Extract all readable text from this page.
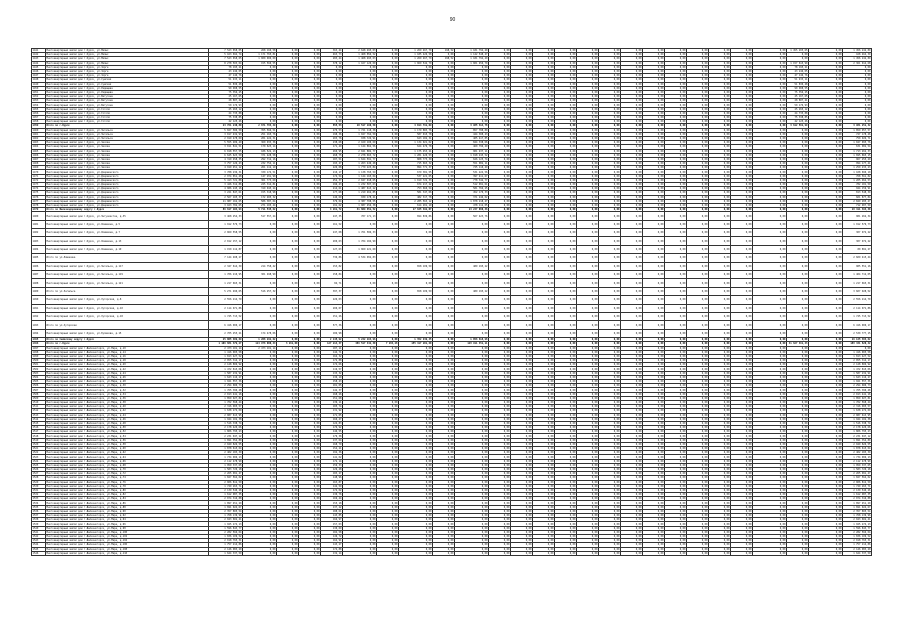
90
1441	Многоквартирный жилой дом г.Курск, ул.Малых	7 523 658,05	268 160,58	0,00	0,00	363,44	2 648 495,03	0,00	1 269 467,70	198,52	1 181 794,40	0,00	0,00	0,00	0,00	0,00	0,00	0,00	0,00	0,00	0,00	0,00	0,00	0,00	1 455 205,65	0,00	1 456 242,89
1442	Многоквартирный жилой дом г.Курск, ул.Малых	5 163 694,74	1 171 765,81	0,00	0,00	463,73	1 468 856,52	0,00	1 185 426,58	0,00	1 142 548,47	0,00	0,00	0,00	0,00	0,00	0,00	0,00	0,00	0,00	0,00	0,00	0,00	0,00	0,00	0,00	168 464,39
1443	Многоквартирный жилой дом г.Курск, ул.Малых	7 523 658,05	1 000 000,00	0,00	0,00	283,44	1 468 495,03	0,00	1 269 467,70	198,52	1 181 794,40	0,00	0,00	0,00	0,00	0,00	0,00	0,00	0,00	0,00	0,00	0,00	0,00	0,00	0,00	0,00	1 456 242,89
1444	Многоквартирный жилой дом г.Курск, ул.Малых	8 278 503,04	155 560,55	0,00	0,00	378,12	1 167 120,00	0,00	1 069 542,70	0,00	1 001 450,70	0,00	0,00	0,00	0,00	0,00	0,00	0,00	0,00	0,00	0,00	0,00	0,00	0,00	1 157 615,90	0,00	2 361 014,68
1445	Многоквартирный жилой дом г.Курск, ул.Зорге	78 195,21	0,00	0,00	0,00	0,00	0,00	0,00	0,00	0,00	0,00	0,00	0,00	0,00	0,00	0,00	0,00	0,00	0,00	0,00	0,00	0,00	0,00	0,00	78 195,21	0,00	0,00
1446	Многоквартирный жилой дом г.Курск, ул.Зорге	43 246,05	0,00	0,00	0,00	0,00	0,00	0,00	0,00	0,00	0,00	0,00	0,00	0,00	0,00	0,00	0,00	0,00	0,00	0,00	0,00	0,00	0,00	0,00	43 246,05	0,00	0,00
1447	Многоквартирный жилой дом г.Курск, ул.Зорге	47 146,76	0,00	0,00	0,00	0,00	0,00	0,00	0,00	0,00	0,00	0,00	0,00	0,00	0,00	0,00	0,00	0,00	0,00	0,00	0,00	0,00	0,00	0,00	47 146,76	0,00	0,00
1448	Многоквартирный жилой дом г.Курск, ул.Сумская	51 433,11	0,00	0,00	0,00	0,00	0,00	0,00	0,00	0,00	0,00	0,00	0,00	0,00	0,00	0,00	0,00	0,00	0,00	0,00	0,00	0,00	0,00	0,00	51 433,11	0,00	0,00
1449	Многоквартирный жилой дом г.Курск, ул.Сумская	51 830,48	0,00	0,00	0,00	0,00	0,00	0,00	0,00	0,00	0,00	0,00	0,00	0,00	0,00	0,00	0,00	0,00	0,00	0,00	0,00	0,00	0,00	0,00	51 830,48	0,00	0,00
1450	Многоквартирный жилой дом г.Курск, ул.Радищева	90 908,55	0,00	0,00	0,00	0,00	0,00	0,00	0,00	0,00	0,00	0,00	0,00	0,00	0,00	0,00	0,00	0,00	0,00	0,00	0,00	0,00	0,00	0,00	90 908,55	0,00	0,00
1451	Многоквартирный жилой дом г.Курск, ул.Радищева	75 356,25	0,00	0,00	0,00	0,00	0,00	0,00	0,00	0,00	0,00	0,00	0,00	0,00	0,00	0,00	0,00	0,00	0,00	0,00	0,00	0,00	0,00	0,00	75 356,25	0,00	0,00
1452	Многоквартирный жилой дом г.Курск, ул.Ватутина	25 167,65	0,00	0,00	0,00	0,00	0,00	0,00	0,00	0,00	0,00	0,00	0,00	0,00	0,00	0,00	0,00	0,00	0,00	0,00	0,00	0,00	0,00	0,00	25 167,65	0,00	0,00
1453	Многоквартирный жилой дом г.Курск, ул.Ватутина	28 807,41	0,00	0,00	0,00	0,00	0,00	0,00	0,00	0,00	0,00	0,00	0,00	0,00	0,00	0,00	0,00	0,00	0,00	0,00	0,00	0,00	0,00	0,00	28 807,41	0,00	0,00
1454	Многоквартирный жилой дом г.Курск, ул.Ватутина	50 176,93	0,00	0,00	0,00	0,00	0,00	0,00	0,00	0,00	0,00	0,00	0,00	0,00	0,00	0,00	0,00	0,00	0,00	0,00	0,00	0,00	0,00	0,00	50 176,93	0,00	0,00
1455	Многоквартирный жилой дом г.Курск, ул.Гоголя	25 265,12	0,00	0,00	0,00	0,00	0,00	0,00	0,00	0,00	0,00	0,00	0,00	0,00	0,00	0,00	0,00	0,00	0,00	0,00	0,00	0,00	0,00	0,00	25 265,12	0,00	0,00
1456	Многоквартирный жилой дом г.Курск, ул.Гоголя	24 735,88	0,00	0,00	0,00	0,00	0,00	0,00	0,00	0,00	0,00	0,00	0,00	0,00	0,00	0,00	0,00	0,00	0,00	0,00	0,00	0,00	0,00	0,00	24 735,88	0,00	0,00
1457	Многоквартирный жилой дом г.Курск, ул.Гоголя	75 338,85	0,00	0,00	0,00	0,00	0,00	0,00	0,00	0,00	0,00	0,00	0,00	0,00	0,00	0,00	0,00	0,00	0,00	0,00	0,00	0,00	0,00	0,00	75 338,85	0,00	0,00
1458	Многоквартирный жилой дом г.Курск, ул.Гоголя	42 125,46	0,00	0,00	0,00	0,00	0,00	0,00	0,00	0,00	0,00	0,00	0,00	0,00	0,00	0,00	0,00	0,00	0,00	0,00	0,00	0,00	0,00	0,00	42 125,46	0,00	0,00
1459	Итого по г.Курск	23 761 240,80	2 671 783,49	0,00	0,00	855,53	10 517 160,50	0,00	4 014 791,09	0,00	3 985 314,78	0,00	0,00	0,00	0,00	0,00	0,00	0,00	0,00	0,00	0,00	0,00	0,00	0,00	3 612 561,99	0,00	3 981 251,32
1460	Многоквартирный жилой дом г.Курск, ул.Энгельса	5 827 580,50	355 566,51	0,00	0,00	270,53	1 721 118,38	0,00	1 179 883,76	0,00	857 788,80	0,00	0,00	0,00	0,00	0,00	0,00	0,00	0,00	0,00	0,00	0,00	0,00	0,00	0,00	0,00	1 859 057,57
1461	Многоквартирный жилой дом г.Курск, ул.Энгельса	3 017 432,93	251 165,76	0,00	0,00	198,36	1 027 764,50	0,00	587 015,78	0,00	424 308,43	0,00	0,00	0,00	0,00	0,00	0,00	0,00	0,00	0,00	0,00	0,00	0,00	0,00	0,00	0,00	727 178,46
1462	Многоквартирный жилой дом г.Курск, ул.Энгельса	2 919 478,09	201 224,31	0,00	0,00	203,76	938 726,91	0,00	623 182,31	0,00	405 417,85	0,00	0,00	0,00	0,00	0,00	0,00	0,00	0,00	0,00	0,00	0,00	0,00	0,00	0,00	0,00	750 926,71
1463	Многоквартирный жилой дом г.Курск, ул.Чехова	5 555 489,49	360 933,36	0,00	0,00	238,68	2 169 100,69	0,00	1 134 021,02	0,00	844 338,66	0,00	0,00	0,00	0,00	0,00	0,00	0,00	0,00	0,00	0,00	0,00	0,00	0,00	0,00	0,00	1 047 095,76
1464	Многоквартирный жилой дом г.Курск, ул.Чехова	3 011 841,51	170 623,14	0,00	0,00	171,49	1 124 862,56	0,00	624 476,78	0,00	460 796,49	0,00	0,00	0,00	0,00	0,00	0,00	0,00	0,00	0,00	0,00	0,00	0,00	0,00	0,00	0,00	631 082,54
1465	Многоквартирный жилой дом г.Курск, ул.Чехова	6 018 557,55	186 522,13	0,00	0,00	260,95	2 041 882,77	0,00	1 175 453,21	0,00	901 437,11	0,00	0,00	0,00	0,00	0,00	0,00	0,00	0,00	0,00	0,00	0,00	0,00	0,00	0,00	0,00	1 713 262,33
1466	Многоквартирный жилой дом г.Курск, ул.Чехова	6 645 623,50	371 428,58	0,00	0,00	268,75	2 278 663,72	0,00	1 281 420,53	0,00	1 018 245,52	0,00	0,00	0,00	0,00	0,00	0,00	0,00	0,00	0,00	0,00	0,00	0,00	0,00	0,00	0,00	1 695 865,15
1467	Многоквартирный жилой дом г.Курск, ул.Чехова	4 319 458,35	292 712,16	0,00	0,00	187,51	1 624 591,77	0,00	808 773,39	0,00	626 125,74	0,00	0,00	0,00	0,00	0,00	0,00	0,00	0,00	0,00	0,00	0,00	0,00	0,00	0,00	0,00	967 255,29
1468	Многоквартирный жилой дом г.Курск, ул.Чехова	3 757 126,43	232 754,11	0,00	0,00	193,47	1 263 449,48	0,00	715 663,32	0,00	551 082,11	0,00	0,00	0,00	0,00	0,00	0,00	0,00	0,00	0,00	0,00	0,00	0,00	0,00	0,00	0,00	994 177,41
1469	Многоквартирный жилой дом г.Курск, ул.Чехова	4 919 451,12	261 112,19	0,00	0,00	226,08	1 779 223,84	0,00	894 771,37	0,00	725 110,49	0,00	0,00	0,00	0,00	0,00	0,00	0,00	0,00	0,00	0,00	0,00	0,00	0,00	0,00	0,00	1 259 233,23
1470	Многоквартирный жилой дом г.Курск, ул.Дзержинского	3 788 236,31	330 174,51	0,00	0,00	210,17	1 138 765,59	0,00	679 381,55	0,00	531 224,56	0,00	0,00	0,00	0,00	0,00	0,00	0,00	0,00	0,00	0,00	0,00	0,00	0,00	0,00	0,00	1 108 690,10
1471	Многоквартирный жилой дом г.Курск, ул.Дзержинского	2 974 651,48	147 291,90	0,00	0,00	174,54	1 124 165,04	0,00	537 221,05	0,00	397 411,67	0,00	0,00	0,00	0,00	0,00	0,00	0,00	0,00	0,00	0,00	0,00	0,00	0,00	0,00	0,00	768 561,82
1472	Многоквартирный жилой дом г.Курск, ул.Дзержинского	5 413 721,88	361 773,60	0,00	0,00	252,37	2 047 918,65	0,00	1 019 722,33	0,00	778 342,77	0,00	0,00	0,00	0,00	0,00	0,00	0,00	0,00	0,00	0,00	0,00	0,00	0,00	0,00	0,00	1 205 964,53
1473	Многоквартирный жилой дом г.Курск, ул.Дзержинского	3 426 312,86	225 314,81	0,00	0,00	196,43	1 232 507,63	0,00	674 217,22	0,00	512 091,61	0,00	0,00	0,00	0,00	0,00	0,00	0,00	0,00	0,00	0,00	0,00	0,00	0,00	0,00	0,00	782 181,59
1474	Многоквартирный жилой дом г.Курск, ул.Дзержинского	4 086 245,16	319 045,24	0,00	0,00	214,61	1 487 613,22	0,00	753 660,54	0,00	581 766,25	0,00	0,00	0,00	0,00	0,00	0,00	0,00	0,00	0,00	0,00	0,00	0,00	0,00	0,00	0,00	944 159,91
1475	Многоквартирный жилой дом г.Курск, ул.Дзержинского	3 221 847,61	155 318,98	0,00	0,00	177,68	1 219 462,85	0,00	581 347,06	0,00	452 170,33	0,00	0,00	0,00	0,00	0,00	0,00	0,00	0,00	0,00	0,00	0,00	0,00	0,00	0,00	0,00	813 548,39
1476	Многоквартирный жилой дом г.Курск, ул.Дзержинского	2 567 105,37	172 485,32	0,00	0,00	146,69	939 178,41	0,00	482 317,78	0,00	371 246,02	0,00	0,00	0,00	0,00	0,00	0,00	0,00	0,00	0,00	0,00	0,00	0,00	0,00	0,00	0,00	601 877,84
1477	Многоквартирный жилой дом г.Курск, ул.Дзержинского	11 987 162,65	586 387,04	0,00	0,00	379,04	4 387 708,55	0,00	2 285 563,12	0,00	1 878 218,47	0,00	0,00	0,00	0,00	0,00	0,00	0,00	0,00	0,00	0,00	0,00	0,00	0,00	0,00	0,00	2 849 285,47
1478	Многоквартирный жилой дом г.Курск, ул.Дзержинского	3 163 782,65	271 105,44	0,00	0,00	191,62	1 087 456,38	0,00	614 201,19	0,00	478 112,05	0,00	0,00	0,00	0,00	0,00	0,00	0,00	0,00	0,00	0,00	0,00	0,00	0,00	0,00	0,00	712 907,59
1479	Итого по Железнодорожному округу г.Курск	86 617 104,94	5 711 545,62	0,00	0,00	4 261,72	31 609 651,52	0,00	17 645 492,07	0,00	13 247 060,36	0,00	0,00	0,00	0,00	0,00	0,00	0,00	0,00	0,00	0,00	0,00	0,00	0,00	0,00	0,00	18 411 393,30
1480	Многоквартирный жилой дом г.Курск, ул.Энтузиастов, д.35	3 468 254,33	517 557,24	0,00	0,00	247,35	707 171,13	0,00	694 839,86	0,00	567 423,76	0,00	0,00	0,00	0,00	0,00	0,00	0,00	0,00	0,00	0,00	0,00	0,00	0,00	0,00	0,00	981 262,34
1481	Многоквартирный жилой дом г.Курск, ул.Ломакина, д.5	1 912 579,73	0,00	0,00	0,00	161,52	0,00	0,00	0,00	0,00	0,00	0,00	0,00	0,00	0,00	0,00	0,00	0,00	0,00	0,00	0,00	0,00	0,00	0,00	0,00	0,00	1 912 579,73
1482	Многоквартирный жилой дом г.Курск, ул.Ломакина, д.7	2 069 558,55	0,00	0,00	0,00	247,08	1 761 586,33	0,00	0,00	0,00	0,00	0,00	0,00	0,00	0,00	0,00	0,00	0,00	0,00	0,00	0,00	0,00	0,00	0,00	0,00	0,00	307 972,22
1483	Многоквартирный жилой дом г.Курск, ул.Ломакина, д.13	2 012 157,12	0,00	0,00	0,00	200,63	1 704 184,90	0,00	0,00	0,00	0,00	0,00	0,00	0,00	0,00	0,00	0,00	0,00	0,00	0,00	0,00	0,00	0,00	0,00	0,00	0,00	307 972,22
1484	Многоквартирный жилой дом г.Курск, ул.Ломакина, д.19	1 150 112,87	0,00	0,00	0,00	127,63	1 069 221,60	0,00	0,00	0,00	0,00	0,00	0,00	0,00	0,00	0,00	0,00	0,00	0,00	0,00	0,00	0,00	0,00	0,00	0,00	0,00	80 891,27
1485	Итого по ул.Ломакина	7 144 408,27	0,00	0,00	0,00	736,86	4 534 992,83	0,00	0,00	0,00	0,00	0,00	0,00	0,00	0,00	0,00	0,00	0,00	0,00	0,00	0,00	0,00	0,00	0,00	0,00	0,00	2 609 415,44
1486	Многоквартирный жилой дом г.Курск, ул.Энгельса, д.117	2 347 614,39	214 758,42	0,00	0,00	153,82	0,00	0,00	658 109,59	0,00	489 195,22	0,00	0,00	0,00	0,00	0,00	0,00	0,00	0,00	0,00	0,00	0,00	0,00	0,00	0,00	0,00	985 551,16
1487	Многоквартирный жилой дом г.Курск, ул.Энгельса, д.119	1 706 210,95	301 498,90	0,00	0,00	158,84	0,00	0,00	0,00	0,00	0,00	0,00	0,00	0,00	0,00	0,00	0,00	0,00	0,00	0,00	0,00	0,00	0,00	0,00	0,00	0,00	1 404 712,05
1488	Многоквартирный жилой дом г.Курск, ул.Энгельса, д.121	1 217 665,31	0,00	0,00	0,00	84,71	0,00	0,00	0,00	0,00	0,00	0,00	0,00	0,00	0,00	0,00	0,00	0,00	0,00	0,00	0,00	0,00	0,00	0,00	0,00	0,00	1 217 665,31
1489	Итого по ул.Энгельса	5 271 490,65	516 257,32	0,00	0,00	397,37	0,00	0,00	658 109,59	0,00	489 195,22	0,00	0,00	0,00	0,00	0,00	0,00	0,00	0,00	0,00	0,00	0,00	0,00	0,00	0,00	0,00	3 607 928,52
1490	Многоквартирный жилой дом г.Курск, ул.Хуторская, д.8	2 556 214,79	0,00	0,00	0,00	226,03	0,00	0,00	0,00	0,00	0,00	0,00	0,00	0,00	0,00	0,00	0,00	0,00	0,00	0,00	0,00	0,00	0,00	0,00	0,00	0,00	2 556 214,79
1491	Многоквартирный жилой дом г.Курск, ул.Хуторская, д.10	2 114 071,86	0,00	0,00	0,00	200,07	0,00	0,00	0,00	0,00	0,00	0,00	0,00	0,00	0,00	0,00	0,00	0,00	0,00	0,00	0,00	0,00	0,00	0,00	0,00	0,00	2 114 071,86
1492	Многоквартирный жилой дом г.Курск, ул.Хуторская, д.18	1 745 713,52	0,00	0,00	0,00	151,26	0,00	0,00	0,00	0,00	0,00	0,00	0,00	0,00	0,00	0,00	0,00	0,00	0,00	0,00	0,00	0,00	0,00	0,00	0,00	0,00	1 745 713,52
1493	Итого по ул.Хуторская	6 416 000,17	0,00	0,00	0,00	577,36	0,00	0,00	0,00	0,00	0,00	0,00	0,00	0,00	0,00	0,00	0,00	0,00	0,00	0,00	0,00	0,00	0,00	0,00	0,00	0,00	6 416 000,17
1494	Многоквартирный жилой дом г.Курск, ул.Кулакова, д.15	2 705 255,21	174 478,06	0,00	0,00	186,98	0,00	0,00	0,00	0,00	0,00	0,00	0,00	0,00	0,00	0,00	0,00	0,00	0,00	0,00	0,00	0,00	0,00	0,00	0,00	0,00	2 530 777,15
1495	Итого по Сеймскому округу г.Курск	25 005 409,69	1 208 292,62	0,00	0,00	2 145,92	5 242 163,96	0,00	1 352 949,45	0,00	1 056 618,98	0,00	0,00	0,00	0,00	0,00	0,00	0,00	0,00	0,00	0,00	0,00	0,00	0,00	0,00	0,00	16 145 383,62
1496	Итого по г.Курск	1 106 881 379,27	114 976 000,44	3 261,00	0,00	127 214,37	486 517 442,30	7 284,28	155 417 201,60	0,00	128 911 451,11	0,00	0,00	0,00	0,00	0,00	0,00	0,00	0,00	0,00	0,00	0,00	0,00	0,00	31 627 461,43	0,00	188 431 820,42
1497	Многоквартирный жилой дом г.Железногорск, ул.Мира, д.10	2 473 101,14	2 473 101,14	0,00	0,00	187,11	0,00	0,00	0,00	0,00	0,00	0,00	0,00	0,00	0,00	0,00	0,00	0,00	0,00	0,00	0,00	0,00	0,00	0,00	0,00	0,00	0,00
1498	Многоквартирный жилой дом г.Железногорск, ул.Мира, д.14	1 416 005,58	0,00	0,00	0,00	144,71	0,00	0,00	0,00	0,00	0,00	0,00	0,00	0,00	0,00	0,00	0,00	0,00	0,00	0,00	0,00	0,00	0,00	0,00	0,00	0,00	1 416 005,58
1499	Многоквартирный жилой дом г.Железногорск, ул.Мира, д.16	1 813 427,52	0,00	0,00	0,00	164,32	0,00	0,00	0,00	0,00	0,00	0,00	0,00	0,00	0,00	0,00	0,00	0,00	0,00	0,00	0,00	0,00	0,00	0,00	0,00	0,00	1 813 427,52
1500	Многоквартирный жилой дом г.Железногорск, ул.Мира, д.18	2 055 314,17	0,00	0,00	0,00	172,88	0,00	0,00	0,00	0,00	0,00	0,00	0,00	0,00	0,00	0,00	0,00	0,00	0,00	0,00	0,00	0,00	0,00	0,00	0,00	0,00	2 055 314,17
1501	Многоквартирный жилой дом г.Железногорск, ул.Мира, д.20	2 128 806,92	0,00	0,00	0,00	174,66	0,00	0,00	0,00	0,00	0,00	0,00	0,00	0,00	0,00	0,00	0,00	0,00	0,00	0,00	0,00	0,00	0,00	0,00	0,00	0,00	2 128 806,92
1502	Многоквартирный жилой дом г.Железногорск, ул.Мира, д.22	1 472 815,06	0,00	0,00	0,00	119,57	0,00	0,00	0,00	0,00	0,00	0,00	0,00	0,00	0,00	0,00	0,00	0,00	0,00	0,00	0,00	0,00	0,00	0,00	0,00	0,00	1 472 815,06
1503	Многоквартирный жилой дом г.Железногорск, ул.Мира, д.24	1 587 232,91	0,00	0,00	0,00	133,32	0,00	0,00	0,00	0,00	0,00	0,00	0,00	0,00	0,00	0,00	0,00	0,00	0,00	0,00	0,00	0,00	0,00	0,00	0,00	0,00	1 587 232,91
1504	Многоквартирный жилой дом г.Железногорск, ул.Мира, д.26	1 643 116,27	0,00	0,00	0,00	136,19	0,00	0,00	0,00	0,00	0,00	0,00	0,00	0,00	0,00	0,00	0,00	0,00	0,00	0,00	0,00	0,00	0,00	0,00	0,00	0,00	1 643 116,27
1505	Многоквартирный жилой дом г.Железногорск, ул.Мира, д.28	1 921 557,36	0,00	0,00	0,00	158,43	0,00	0,00	0,00	0,00	0,00	0,00	0,00	0,00	0,00	0,00	0,00	0,00	0,00	0,00	0,00	0,00	0,00	0,00	0,00	0,00	1 921 557,36
1506	Многоквартирный жилой дом г.Железногорск, ул.Мира, д.30	2 294 680,73	0,00	0,00	0,00	181,05	0,00	0,00	0,00	0,00	0,00	0,00	0,00	0,00	0,00	0,00	0,00	0,00	0,00	0,00	0,00	0,00	0,00	0,00	0,00	0,00	2 294 680,73
1507	Многоквартирный жилой дом г.Железногорск, ул.Мира, д.32	1 765 390,48	0,00	0,00	0,00	142,37	0,00	0,00	0,00	0,00	0,00	0,00	0,00	0,00	0,00	0,00	0,00	0,00	0,00	0,00	0,00	0,00	0,00	0,00	0,00	0,00	1 765 390,48
1508	Многоквартирный жилой дом г.Железногорск, ул.Мира, д.34	2 013 441,16	0,00	0,00	0,00	168,26	0,00	0,00	0,00	0,00	0,00	0,00	0,00	0,00	0,00	0,00	0,00	0,00	0,00	0,00	0,00	0,00	0,00	0,00	0,00	0,00	2 013 441,16
1509	Многоквартирный жилой дом г.Железногорск, ул.Мира, д.36	1 859 027,81	0,00	0,00	0,00	151,68	0,00	0,00	0,00	0,00	0,00	0,00	0,00	0,00	0,00	0,00	0,00	0,00	0,00	0,00	0,00	0,00	0,00	0,00	0,00	0,00	1 859 027,81
1510	Многоквартирный жилой дом г.Железногорск, ул.Мира, д.38	1 702 568,44	0,00	0,00	0,00	139,11	0,00	0,00	0,00	0,00	0,00	0,00	0,00	0,00	0,00	0,00	0,00	0,00	0,00	0,00	0,00	0,00	0,00	0,00	0,00	0,00	1 702 568,44
1511	Многоквартирный жилой дом г.Железногорск, ул.Мира, д.40	2 316 905,57	0,00	0,00	0,00	185,74	0,00	0,00	0,00	0,00	0,00	0,00	0,00	0,00	0,00	0,00	0,00	0,00	0,00	0,00	0,00	0,00	0,00	0,00	0,00	0,00	2 316 905,57
1512	Многоквартирный жилой дом г.Железногорск, ул.Мира, д.42	1 638 274,09	0,00	0,00	0,00	131,92	0,00	0,00	0,00	0,00	0,00	0,00	0,00	0,00	0,00	0,00	0,00	0,00	0,00	0,00	0,00	0,00	0,00	0,00	0,00	0,00	1 638 274,09
1513	Многоквартирный жилой дом г.Железногорск, ул.Мира, д.44	2 087 613,95	0,00	0,00	0,00	171,05	0,00	0,00	0,00	0,00	0,00	0,00	0,00	0,00	0,00	0,00	0,00	0,00	0,00	0,00	0,00	0,00	0,00	0,00	0,00	0,00	2 087 613,95
1514	Многоквартирный жилой дом г.Железногорск, ул.Мира, д.46	1 944 102,38	0,00	0,00	0,00	160,47	0,00	0,00	0,00	0,00	0,00	0,00	0,00	0,00	0,00	0,00	0,00	0,00	0,00	0,00	0,00	0,00	0,00	0,00	0,00	0,00	1 944 102,38
1515	Многоквартирный жилой дом г.Железногорск, ул.Мира, д.48	1 516 338,74	0,00	0,00	0,00	124,83	0,00	0,00	0,00	0,00	0,00	0,00	0,00	0,00	0,00	0,00	0,00	0,00	0,00	0,00	0,00	0,00	0,00	0,00	0,00	0,00	1 516 338,74
1516	Многоквартирный жилой дом г.Железногорск, ул.Мира, д.50	2 178 420,66	0,00	0,00	0,00	176,92	0,00	0,00	0,00	0,00	0,00	0,00	0,00	0,00	0,00	0,00	0,00	0,00	0,00	0,00	0,00	0,00	0,00	0,00	0,00	0,00	2 178 420,66
1517	Многоквартирный жилой дом г.Железногорск, ул.Мира, д.52	1 806 795,23	0,00	0,00	0,00	146,55	0,00	0,00	0,00	0,00	0,00	0,00	0,00	0,00	0,00	0,00	0,00	0,00	0,00	0,00	0,00	0,00	0,00	0,00	0,00	0,00	1 806 795,23
1518	Многоквартирный жилой дом г.Железногорск, ул.Мира, д.54	2 231 047,12	0,00	0,00	0,00	179,38	0,00	0,00	0,00	0,00	0,00	0,00	0,00	0,00	0,00	0,00	0,00	0,00	0,00	0,00	0,00	0,00	0,00	0,00	0,00	0,00	2 231 047,12
1519	Многоквартирный жилой дом г.Железногорск, ул.Мира, д.56	1 691 354,80	0,00	0,00	0,00	137,64	0,00	0,00	0,00	0,00	0,00	0,00	0,00	0,00	0,00	0,00	0,00	0,00	0,00	0,00	0,00	0,00	0,00	0,00	0,00	0,00	1 691 354,80
1520	Многоквартирный жилой дом г.Железногорск, ул.Мира, д.58	2 049 826,55	0,00	0,00	0,00	168,79	0,00	0,00	0,00	0,00	0,00	0,00	0,00	0,00	0,00	0,00	0,00	0,00	0,00	0,00	0,00	0,00	0,00	0,00	0,00	0,00	2 049 826,55
1521	Многоквартирный жилой дом г.Железногорск, ул.Мира, д.60	1 878 615,04	0,00	0,00	0,00	154,21	0,00	0,00	0,00	0,00	0,00	0,00	0,00	0,00	0,00	0,00	0,00	0,00	0,00	0,00	0,00	0,00	0,00	0,00	0,00	0,00	1 878 615,04
1522	Многоквартирный жилой дом г.Железногорск, ул.Мира, д.62	2 402 183,39	0,00	0,00	0,00	192,36	0,00	0,00	0,00	0,00	0,00	0,00	0,00	0,00	0,00	0,00	0,00	0,00	0,00	0,00	0,00	0,00	0,00	0,00	0,00	0,00	2 402 183,39
1523	Многоквартирный жилой дом г.Железногорск, ул.Мира, д.64	1 734 906,13	0,00	0,00	0,00	141,02	0,00	0,00	0,00	0,00	0,00	0,00	0,00	0,00	0,00	0,00	0,00	0,00	0,00	0,00	0,00	0,00	0,00	0,00	0,00	0,00	1 734 906,13
1524	Многоквартирный жилой дом г.Железногорск, ул.Мира, д.66	2 112 478,90	0,00	0,00	0,00	172,14	0,00	0,00	0,00	0,00	0,00	0,00	0,00	0,00	0,00	0,00	0,00	0,00	0,00	0,00	0,00	0,00	0,00	0,00	0,00	0,00	2 112 478,90
1525	Многоквартирный жилой дом г.Железногорск, ул.Мира, д.68	1 959 337,65	0,00	0,00	0,00	159,33	0,00	0,00	0,00	0,00	0,00	0,00	0,00	0,00	0,00	0,00	0,00	0,00	0,00	0,00	0,00	0,00	0,00	0,00	0,00	0,00	1 959 337,65
1526	Многоквартирный жилой дом г.Железногорск, ул.Мира, д.70	1 583 720,18	0,00	0,00	0,00	129,48	0,00	0,00	0,00	0,00	0,00	0,00	0,00	0,00	0,00	0,00	0,00	0,00	0,00	0,00	0,00	0,00	0,00	0,00	0,00	0,00	1 583 720,18
1527	Многоквартирный жилой дом г.Железногорск, ул.Мира, д.72	2 265 091,47	0,00	0,00	0,00	183,27	0,00	0,00	0,00	0,00	0,00	0,00	0,00	0,00	0,00	0,00	0,00	0,00	0,00	0,00	0,00	0,00	0,00	0,00	0,00	0,00	2 265 091,47
1528	Многоквартирный жилой дом г.Железногорск, ул.Мира, д.74	1 827 564,02	0,00	0,00	0,00	148,96	0,00	0,00	0,00	0,00	0,00	0,00	0,00	0,00	0,00	0,00	0,00	0,00	0,00	0,00	0,00	0,00	0,00	0,00	0,00	0,00	1 827 564,02
1529	Многоквартирный жилой дом г.Железногорск, ул.Мира, д.76	2 006 812,59	0,00	0,00	0,00	163,87	0,00	0,00	0,00	0,00	0,00	0,00	0,00	0,00	0,00	0,00	0,00	0,00	0,00	0,00	0,00	0,00	0,00	0,00	0,00	0,00	2 006 812,59
1530	Многоквартирный жилой дом г.Железногорск, ул.Мира, д.78	1 749 263,71	0,00	0,00	0,00	142,59	0,00	0,00	0,00	0,00	0,00	0,00	0,00	0,00	0,00	0,00	0,00	0,00	0,00	0,00	0,00	0,00	0,00	0,00	0,00	0,00	1 749 263,71
1531	Многоквартирный жилой дом г.Железногорск, ул.Мира, д.80	2 139 540,26	0,00	0,00	0,00	174,02	0,00	0,00	0,00	0,00	0,00	0,00	0,00	0,00	0,00	0,00	0,00	0,00	0,00	0,00	0,00	0,00	0,00	0,00	0,00	0,00	2 139 540,26
1532	Многоквартирный жилой дом г.Железногорск, ул.Мира, д.82	1 612 987,35	0,00	0,00	0,00	130,76	0,00	0,00	0,00	0,00	0,00	0,00	0,00	0,00	0,00	0,00	0,00	0,00	0,00	0,00	0,00	0,00	0,00	0,00	0,00	0,00	1 612 987,35
1533	Многоквартирный жилой дом г.Железногорск, ул.Мира, д.84	2 074 316,88	0,00	0,00	0,00	169,44	0,00	0,00	0,00	0,00	0,00	0,00	0,00	0,00	0,00	0,00	0,00	0,00	0,00	0,00	0,00	0,00	0,00	0,00	0,00	0,00	2 074 316,88
1534	Многоквартирный жилой дом г.Железногорск, ул.Мира, д.86	1 897 451,20	0,00	0,00	0,00	155,18	0,00	0,00	0,00	0,00	0,00	0,00	0,00	0,00	0,00	0,00	0,00	0,00	0,00	0,00	0,00	0,00	0,00	0,00	0,00	0,00	1 897 451,20
1535	Многоквартирный жилой дом г.Железногорск, ул.Мира, д.88	1 691 024,67	0,00	0,00	0,00	137,22	0,00	0,00	0,00	0,00	0,00	0,00	0,00	0,00	0,00	0,00	0,00	0,00	0,00	0,00	0,00	0,00	0,00	0,00	0,00	0,00	1 691 024,67
1536	Многоквартирный жилой дом г.Железногорск, ул.Мира, д.90	2 357 805,54	0,00	0,00	0,00	188,61	0,00	0,00	0,00	0,00	0,00	0,00	0,00	0,00	0,00	0,00	0,00	0,00	0,00	0,00	0,00	0,00	0,00	0,00	0,00	0,00	2 357 805,54
1537	Многоквартирный жилой дом г.Железногорск, ул.Мира, д.92	1 768 139,96	0,00	0,00	0,00	143,85	0,00	0,00	0,00	0,00	0,00	0,00	0,00	0,00	0,00	0,00	0,00	0,00	0,00	0,00	0,00	0,00	0,00	0,00	0,00	0,00	1 768 139,96
1538	Многоквартирный жилой дом г.Железногорск, ул.Мира, д.94	2 043 602,41	0,00	0,00	0,00	166,97	0,00	0,00	0,00	0,00	0,00	0,00	0,00	0,00	0,00	0,00	0,00	0,00	0,00	0,00	0,00	0,00	0,00	0,00	0,00	0,00	2 043 602,41
1539	Многоквартирный жилой дом г.Железногорск, ул.Мира, д.96	1 925 274,13	0,00	0,00	0,00	157,03	0,00	0,00	0,00	0,00	0,00	0,00	0,00	0,00	0,00	0,00	0,00	0,00	0,00	0,00	0,00	0,00	0,00	0,00	0,00	0,00	1 925 274,13
1540	Многоквартирный жилой дом г.Железногорск, ул.Мира, д.98	1 596 843,77	0,00	0,00	0,00	130,09	0,00	0,00	0,00	0,00	0,00	0,00	0,00	0,00	0,00	0,00	0,00	0,00	0,00	0,00	0,00	0,00	0,00	0,00	0,00	0,00	1 596 843,77
1541	Многоквартирный жилой дом г.Железногорск, ул.Мира, д.100	2 282 566,04	0,00	0,00	0,00	184,58	0,00	0,00	0,00	0,00	0,00	0,00	0,00	0,00	0,00	0,00	0,00	0,00	0,00	0,00	0,00	0,00	0,00	0,00	0,00	0,00	2 282 566,04
1542	Многоквартирный жилой дом г.Железногорск, ул.Мира, д.102	1 836 109,52	0,00	0,00	0,00	149,72	0,00	0,00	0,00	0,00	0,00	0,00	0,00	0,00	0,00	0,00	0,00	0,00	0,00	0,00	0,00	0,00	0,00	0,00	0,00	0,00	1 836 109,52
1543	Многоквартирный жилой дом г.Железногорск, ул.Мира, д.104	2 018 765,31	0,00	0,00	0,00	164,91	0,00	0,00	0,00	0,00	0,00	0,00	0,00	0,00	0,00	0,00	0,00	0,00	0,00	0,00	0,00	0,00	0,00	0,00	0,00	0,00	2 018 765,31
1544	Многоквартирный жилой дом г.Железногорск, ул.Мира, д.106	1 757 214,86	0,00	0,00	0,00	143,27	0,00	0,00	0,00	0,00	0,00	0,00	0,00	0,00	0,00	0,00	0,00	0,00	0,00	0,00	0,00	0,00	0,00	0,00	0,00	0,00	1 757 214,86
1545	Многоквартирный жилой дом г.Железногорск, ул.Мира, д.108	2 146 983,20	0,00	0,00	0,00	174,88	0,00	0,00	0,00	0,00	0,00	0,00	0,00	0,00	0,00	0,00	0,00	0,00	0,00	0,00	0,00	0,00	0,00	0,00	0,00	0,00	2 146 983,20
1546	Многоквартирный жилой дом г.Железногорск, ул.Мира, д.110	1 624 337,59	0,00	0,00	0,00	132,14	0,00	0,00	0,00	0,00	0,00	0,00	0,00	0,00	0,00	0,00	0,00	0,00	0,00	0,00	0,00	0,00	0,00	0,00	0,00	0,00	1 624 337,59
